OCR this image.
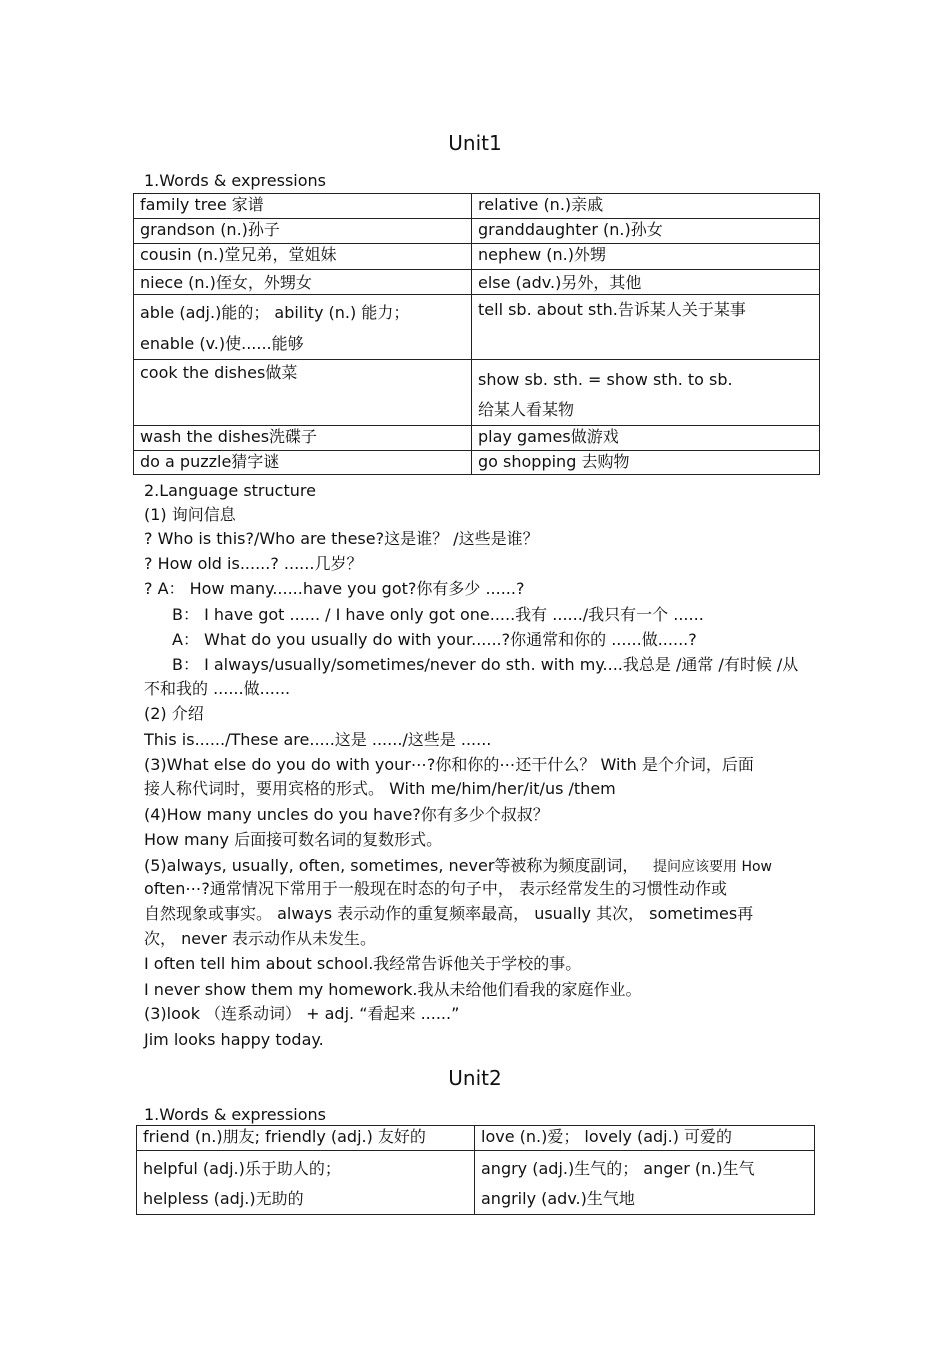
Unit1
1.Words & expressions
family tree 家谱	relative (n.)亲戚
grandson (n.)孙子	granddaughter (n.)孙女
cousin (n.)堂兄弟，堂姐妹	nephew (n.)外甥
niece (n.)侄女，外甥女	else (adv.)另外，其他

able (adj.)能的； ability (n.) 能力；
enable (v.)使......能够	tell sb. about sth.告诉某人关于某事
cook the dishes做菜	show sb. sth. = show sth. to sb.
给某人看某物

wash the dishes洗碟子	play games做游戏
do a puzzle猜字谜	go shopping 去购物
2.Language structure
(1) 询问信息
? Who is this?/Who are these?这是谁？ /这些是谁？
? How old is......? ......几岁？
? A： How many......have you got?你有多少 ......?
B： I have got ...... / I have only got one.....我有 ....../我只有一个 ......
A： What do you usually do with your......?你通常和你的 ......做......?
B： I always/usually/sometimes/never do sth. with my....我总是 /通常 /有时候 /从
不和我的 ......做......
(2) 介绍
This is....../These are.....这是 ....../这些是 ......
(3)What else do you do with your⋯?你和你的⋯还干什么？ With 是个介词，后面
接人称代词时，要用宾格的形式。 With me/him/her/it/us /them
(4)How many uncles do you have?你有多少个叔叔？
How many 后面接可数名词的复数形式。
(5)always, usually, often, sometimes, never等被称为频度副词， 提问应该要用 How
often⋯?通常情况下常用于一般现在时态的句子中， 表示经常发生的习惯性动作或
自然现象或事实。 always 表示动作的重复频率最高， usually 其次， sometimes再
次， never 表示动作从未发生。
I often tell him about school.我经常告诉他关于学校的事。
I never show them my homework.我从未给他们看我的家庭作业。
(3)look （连系动词） + adj. “看起来 ......”
Jim looks happy today.
Unit2
1.Words & expressions
friend (n.)朋友; friendly (adj.) 友好的	love (n.)爱； lovely (adj.) 可爱的

helpful (adj.)乐于助人的；
helpless (adj.)无助的	angry (adj.)生气的； anger (n.)生气
angrily (adv.)生气地
